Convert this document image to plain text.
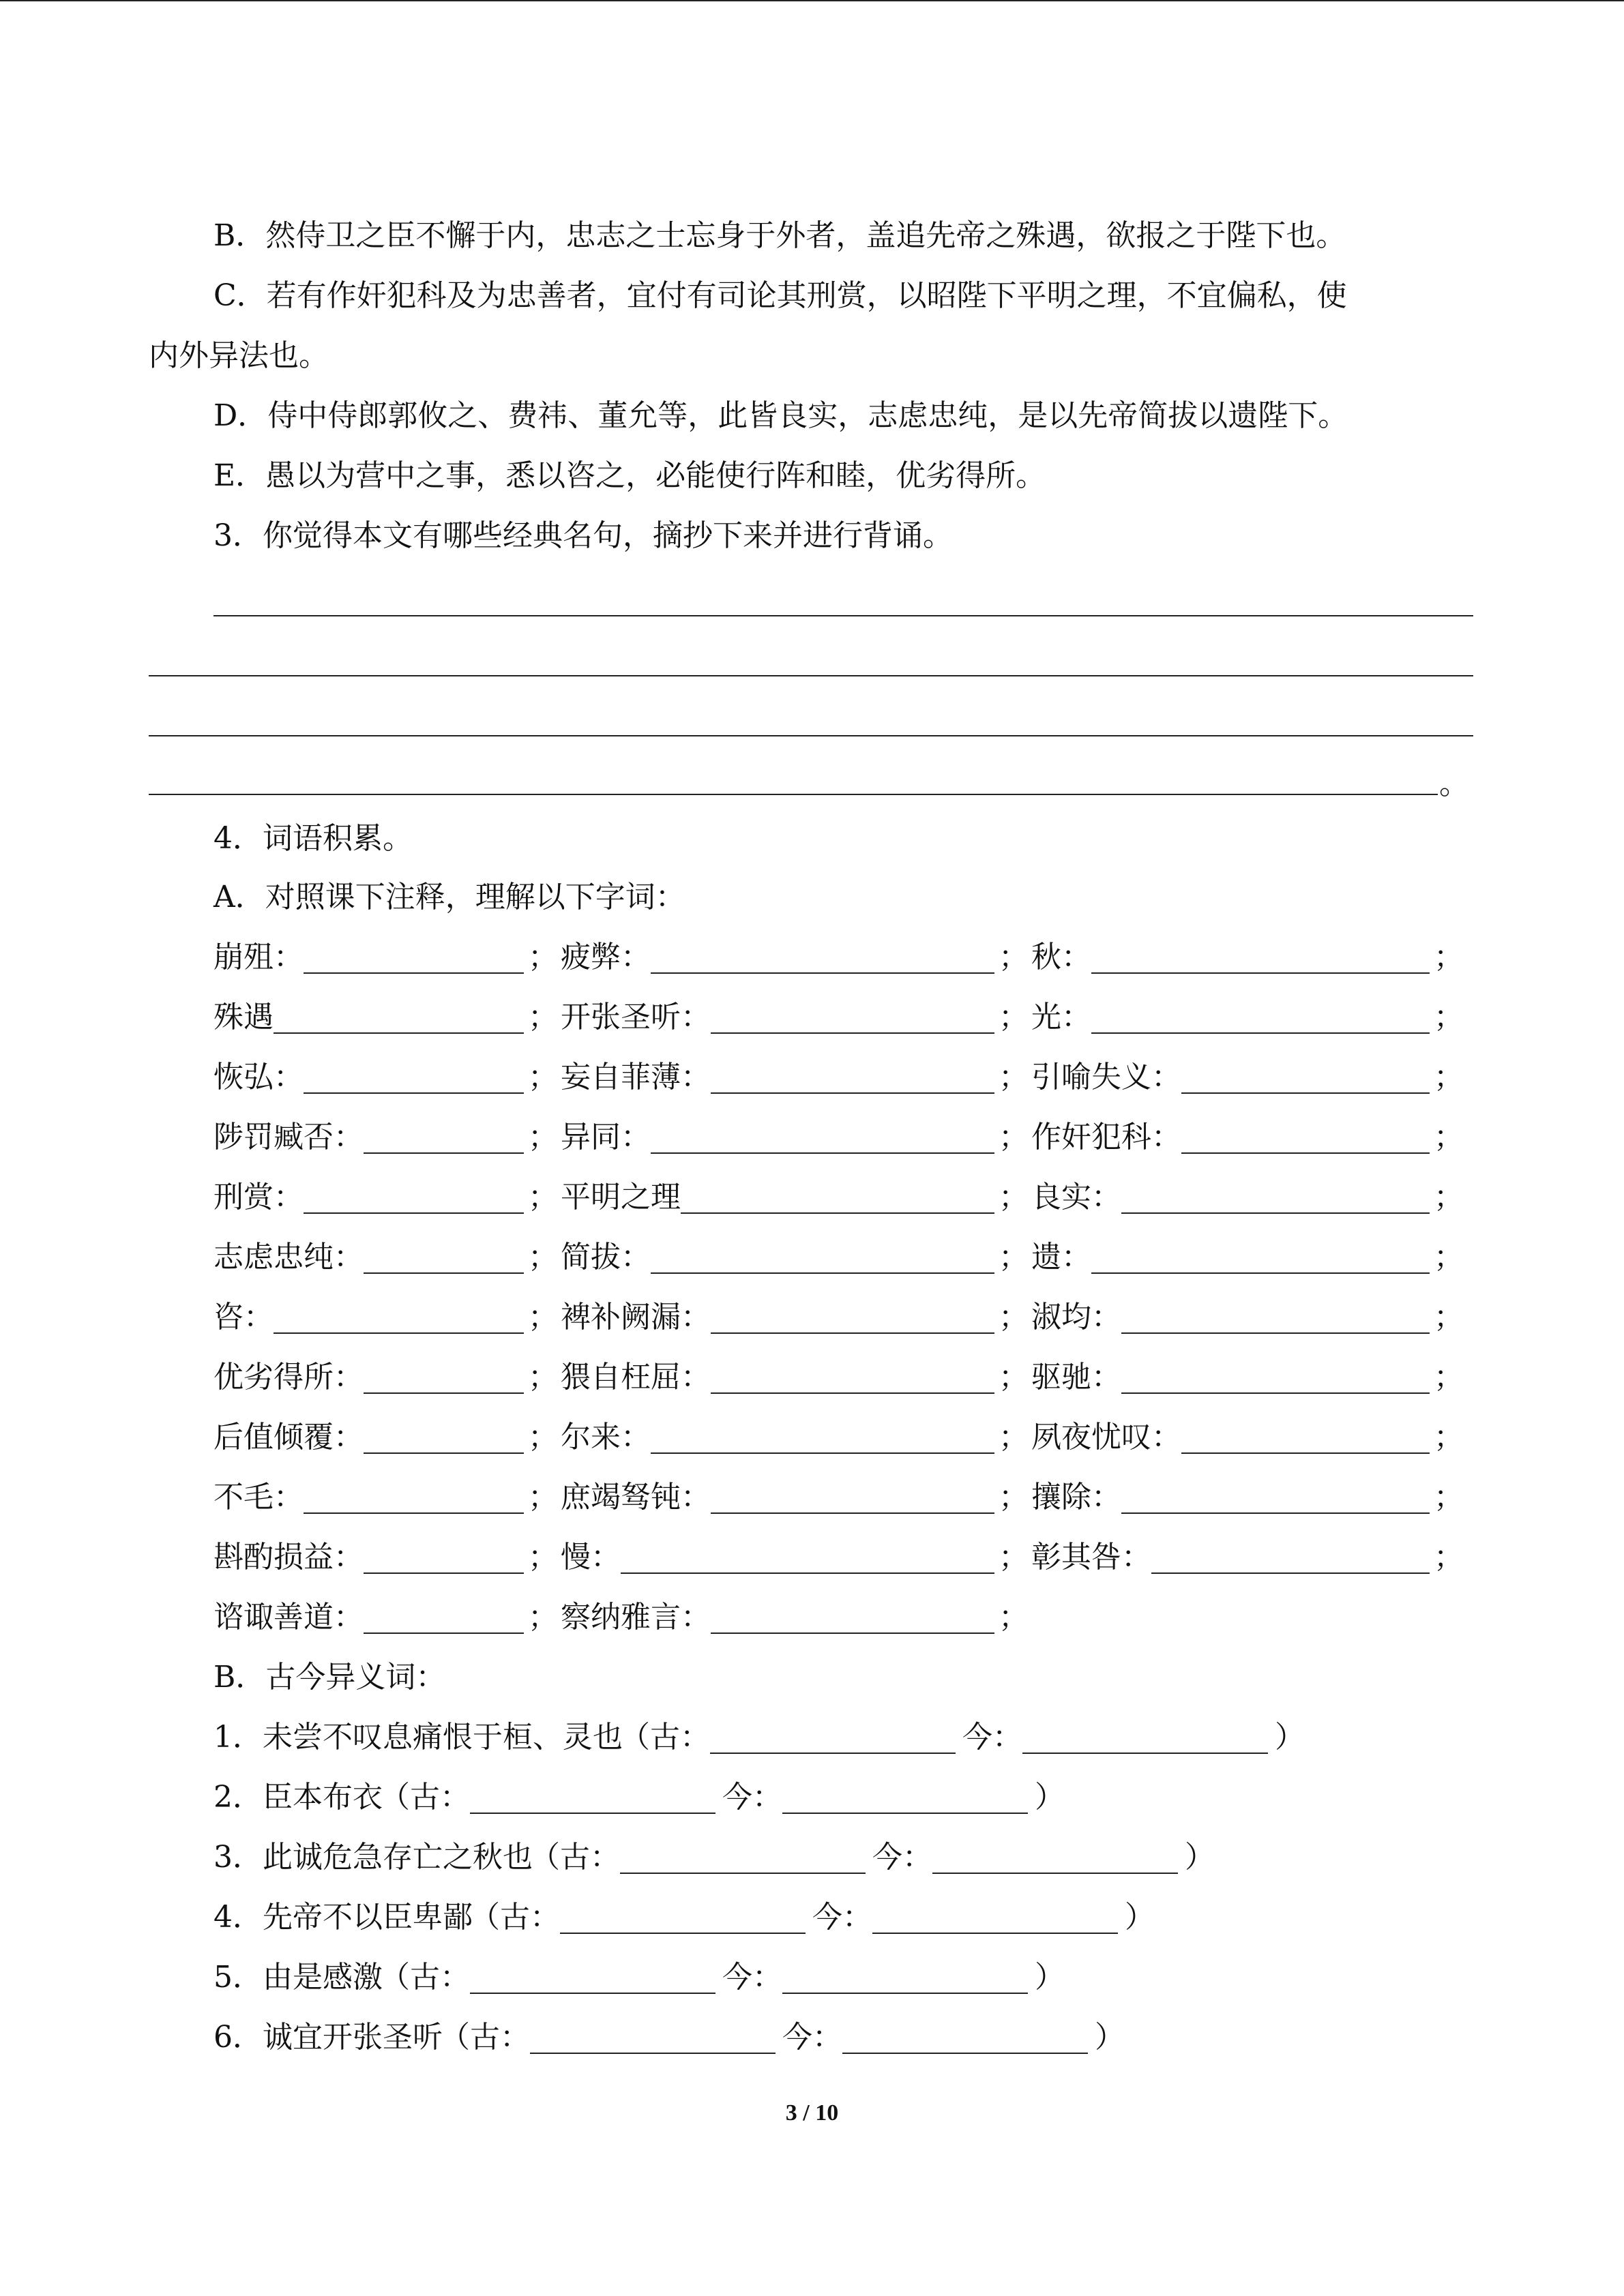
B．然侍卫之臣不懈于内，忠志之士忘身于外者，盖追先帝之殊遇，欲报之于陛下也。
C．若有作奸犯科及为忠善者，宜付有司论其刑赏，以昭陛下平明之理，不宜偏私，使
内外异法也。
D．侍中侍郎郭攸之、费祎、董允等，此皆良实，志虑忠纯，是以先帝简拔以遗陛下。
E．愚以为营中之事，悉以咨之，必能使行阵和睦，优劣得所。
3．你觉得本文有哪些经典名句，摘抄下来并进行背诵。
。
4．词语积累。
A．对照课下注释，理解以下字词：
崩殂：	； 疲弊：	； 秋：	；
殊遇	； 开张圣听：	； 光：	；
恢弘：	； 妄自菲薄：	； 引喻失义：	；
陟罚臧否：	； 异同：	； 作奸犯科：	；
刑赏：	； 平明之理	； 良实：	；
志虑忠纯：	； 简拔：	； 遗：	；
咨：	； 裨补阙漏：	； 淑均：	；
优劣得所：	； 猥自枉屈：	； 驱驰：	；
后值倾覆：	； 尔来：	； 夙夜忧叹：	；
不毛：	； 庶竭驽钝：	； 攘除：	；
斟酌损益：	； 慢：	； 彰其咎：	；
谘诹善道：	； 察纳雅言：	；
B．古今异义词：
1．未尝不叹息痛恨于桓、灵也
（古：	今：	）
2．臣本布衣
（古：	今：	）
3．此诚危急存亡之秋也
（古：	今：	）
4．先帝不以臣卑鄙
（古：	今：	）
5．由是感激
（古：	今：	）
6．诚宜开张圣听
（古：	今：	）
3 / 10
